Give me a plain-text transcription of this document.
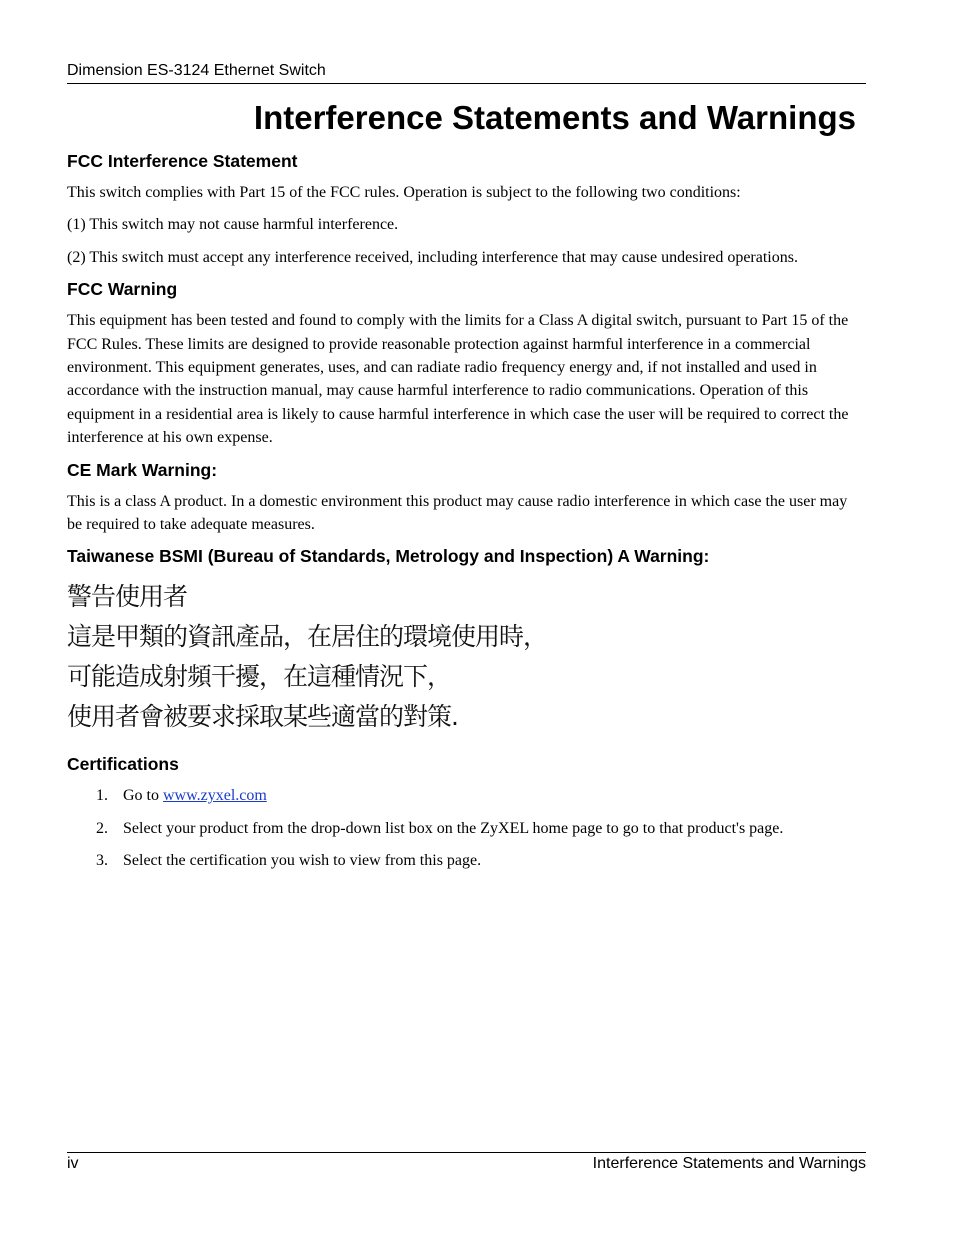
Dimension ES-3124 Ethernet Switch
Interference Statements and Warnings
FCC Interference Statement

This switch complies with Part 15 of the FCC rules. Operation is subject to the following two conditions:

(1) This switch may not cause harmful interference.

(2) This switch must accept any interference received, including interference that may cause undesired operations.

FCC Warning

This equipment has been tested and found to comply with the limits for a Class A digital switch, pursuant to Part 15 of the FCC Rules. These limits are designed to provide reasonable protection against harmful interference in a commercial environment. This equipment generates, uses, and can radiate radio frequency energy and, if not installed and used in accordance with the instruction manual, may cause harmful interference to radio communications. Operation of this equipment in a residential area is likely to cause harmful interference in which case the user will be required to correct the interference at his own expense.

CE Mark Warning:

This is a class A product. In a domestic environment this product may cause radio interference in which case the user may be required to take adequate measures.

Taiwanese BSMI (Bureau of Standards, Metrology and Inspection) A Warning:
警告使用者
這是甲類的資訊產品，在居住的環境使用時，
可能造成射頻干擾，在這種情況下，
使用者會被要求採取某些適當的對策.
Certifications
1. Go to www.zyxel.com
2. Select your product from the drop-down list box on the ZyXEL home page to go to that product's page.
3. Select the certification you wish to view from this page.
iv	Interference Statements and Warnings
